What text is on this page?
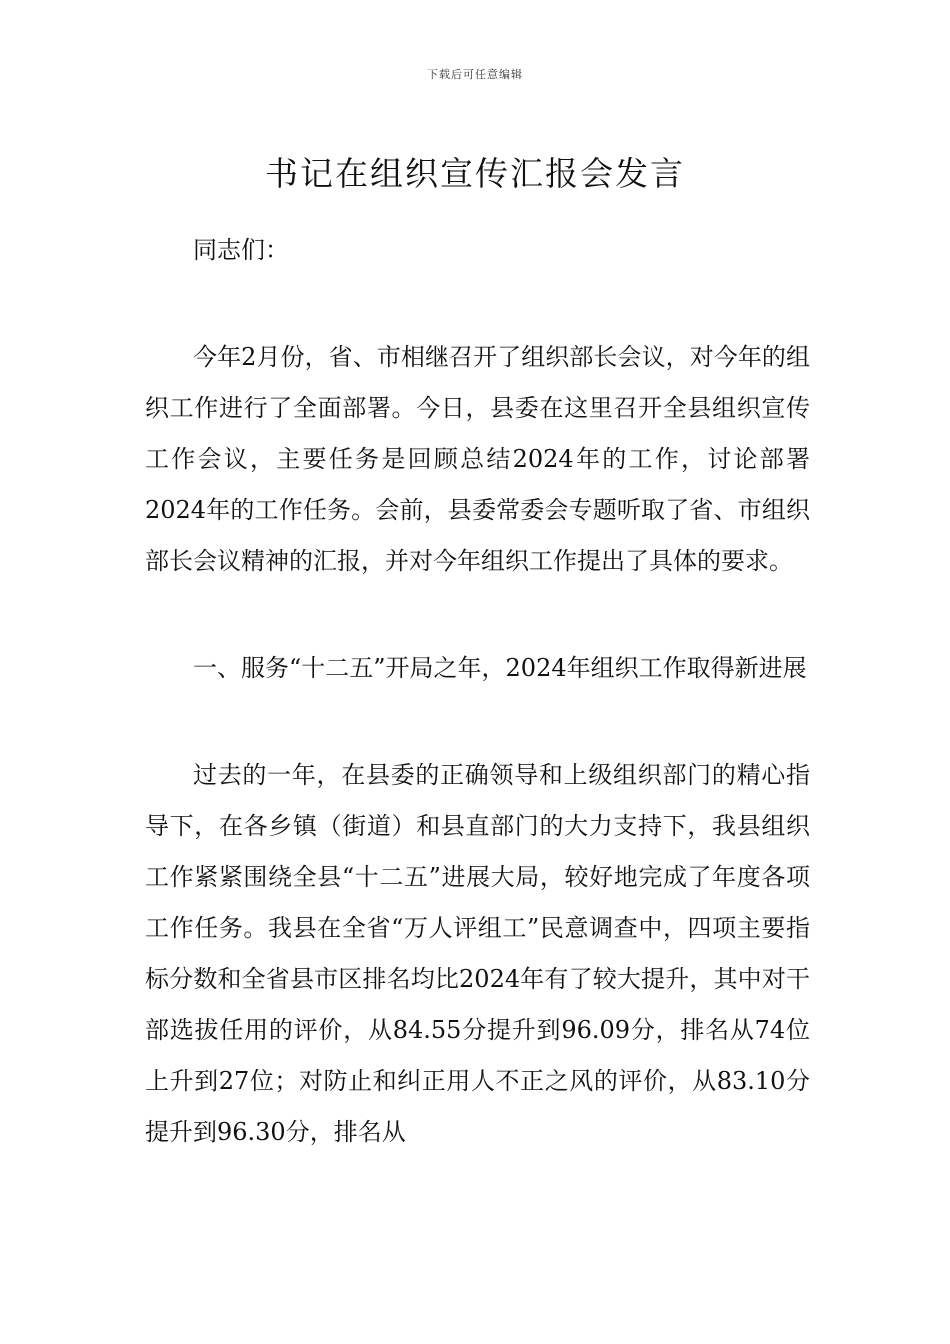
下载后可任意编辑
书记在组织宣传汇报会发言

同志们：

今年2月份，省、市相继召开了组织部长会议，对今年的组织工作进行了全面部署。今日，县委在这里召开全县组织宣传工作会议，主要任务是回顾总结2024年的工作，讨论部署2024年的工作任务。会前，县委常委会专题听取了省、市组织部长会议精神的汇报，并对今年组织工作提出了具体的要求。

一、服务“十二五”开局之年，2024年组织工作取得新进展

过去的一年，在县委的正确领导和上级组织部门的精心指导下，在各乡镇（街道）和县直部门的大力支持下，我县组织工作紧紧围绕全县“十二五”进展大局，较好地完成了年度各项工作任务。我县在全省“万人评组工”民意调查中，四项主要指标分数和全省县市区排名均比2024年有了较大提升，其中对干部选拔任用的评价，从84.55分提升到96.09分，排名从74位上升到27位；对防止和纠正用人不正之风的评价，从83.10分提升到96.30分，排名从
